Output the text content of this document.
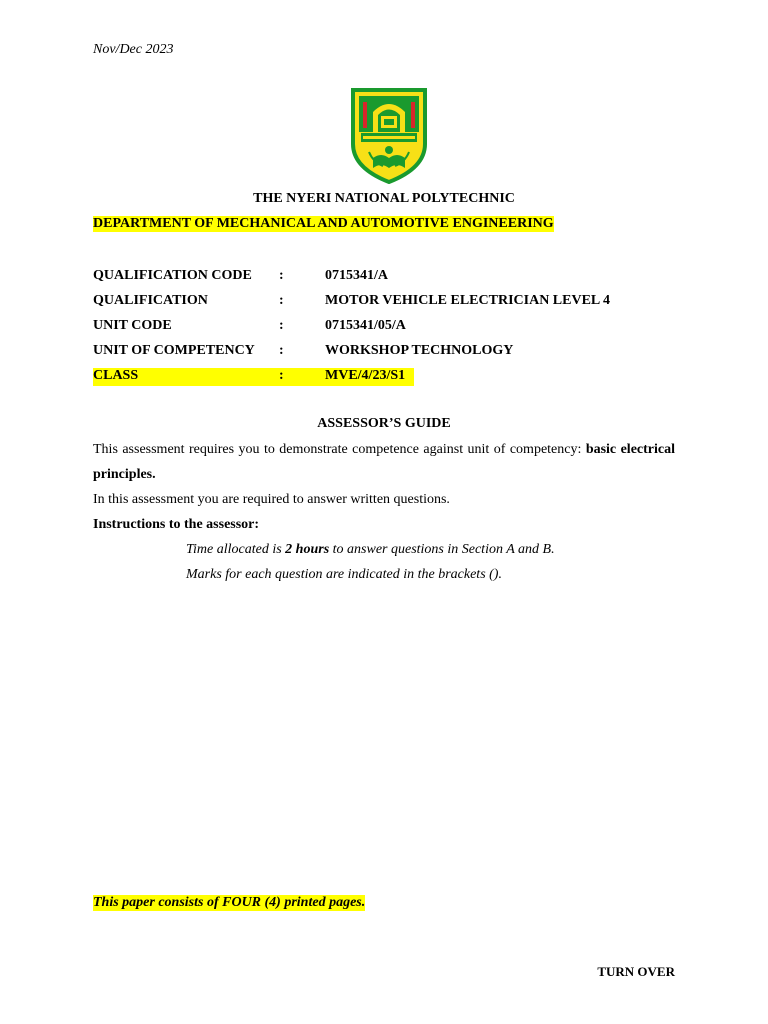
Nov/Dec 2023
THE NYERI NATIONAL POLYTECHNIC
DEPARTMENT OF MECHANICAL AND AUTOMOTIVE ENGINEERING
QUALIFICATION CODE :	0715341/A
QUALIFICATION	:	MOTOR VEHICLE ELECTRICIAN LEVEL 4
UNIT CODE	:	0715341/05/A
UNIT OF COMPETENCY :	WORKSHOP TECHNOLOGY
CLASS	:	MVE/4/23/S1
ASSESSOR’S GUIDE
This assessment requires you to demonstrate competence against unit of competency: basic electrical principles.
In this assessment you are required to answer written questions.
Instructions to the assessor:
Time allocated is 2 hours to answer questions in Section A and B.
Marks for each question are indicated in the brackets ().
This paper consists of FOUR (4) printed pages.
TURN OVER
